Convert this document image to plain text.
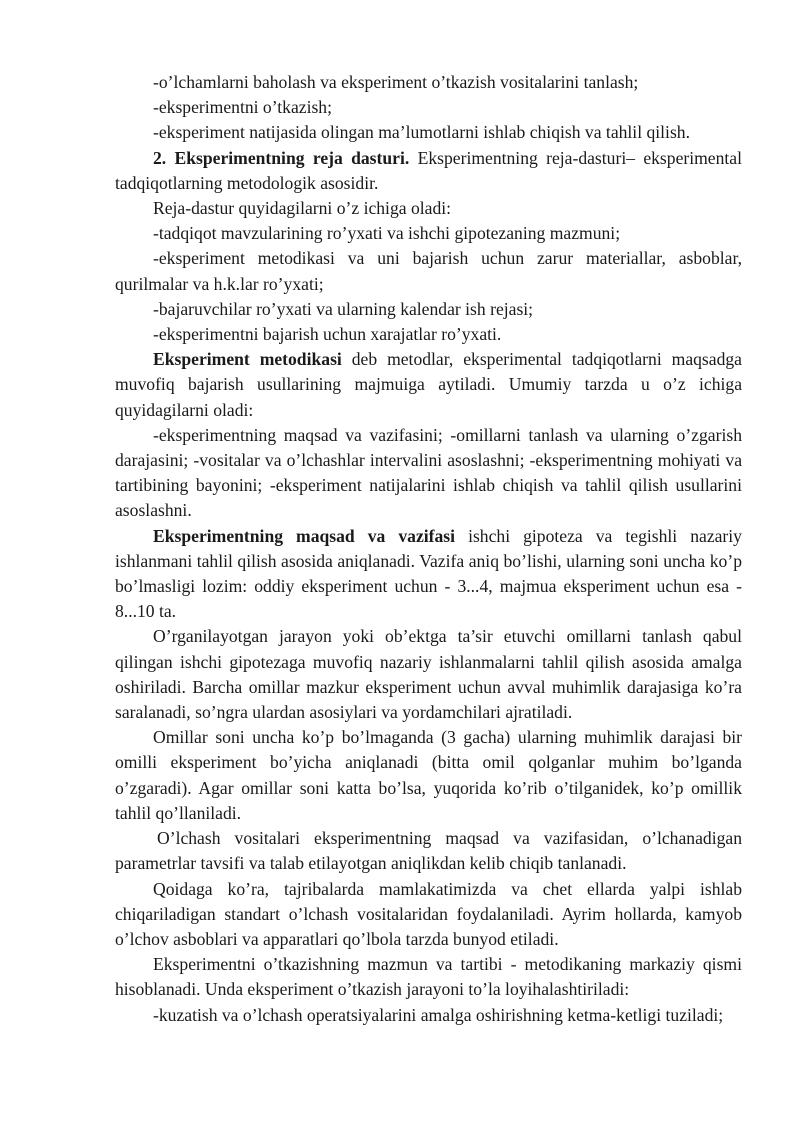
-o’lchamlarni baholash va eksperiment o’tkazish vositalarini tanlash;

-eksperimentni o’tkazish;

-eksperiment natijasida olingan ma’lumotlarni ishlab chiqish va tahlil qilish.

2. Eksperimentning reja dasturi. Eksperimentning reja-dasturi– eksperimental tadqiqotlarning metodologik asosidir.

Reja-dastur quyidagilarni o’z ichiga oladi:

-tadqiqot mavzularining ro’yxati va ishchi gipotezaning mazmuni;

-eksperiment metodikasi va uni bajarish uchun zarur materiallar, asboblar, qurilmalar va h.k.lar ro’yxati;

-bajaruvchilar ro’yxati va ularning kalendar ish rejasi;

-eksperimentni bajarish uchun xarajatlar ro’yxati.

Eksperiment metodikasi deb metodlar, eksperimental tadqiqotlarni maqsadga muvofiq bajarish usullarining majmuiga aytiladi. Umumiy tarzda u o’z ichiga quyidagilarni oladi:

-eksperimentning maqsad va vazifasini; -omillarni tanlash va ularning o’zgarish darajasini; -vositalar va o’lchashlar intervalini asoslashni; -eksperimentning mohiyati va tartibining bayonini; -eksperiment natijalarini ishlab chiqish va tahlil qilish usullarini asoslashni.

Eksperimentning maqsad va vazifasi ishchi gipoteza va tegishli nazariy ishlanmani tahlil qilish asosida aniqlanadi. Vazifa aniq bo’lishi, ularning soni uncha ko’p bo’lmasligi lozim: oddiy eksperiment uchun - 3...4, majmua eksperiment uchun esa - 8...10 ta.

O’rganilayotgan jarayon yoki ob’ektga ta’sir etuvchi omillarni tanlash qabul qilingan ishchi gipotezaga muvofiq nazariy ishlanmalarni tahlil qilish asosida amalga oshiriladi. Barcha omillar mazkur eksperiment uchun avval muhimlik darajasiga ko’ra saralanadi, so’ngra ulardan asosiylari va yordamchilari ajratiladi.

Omillar soni uncha ko’p bo’lmaganda (3 gacha) ularning muhimlik darajasi bir omilli eksperiment bo’yicha aniqlanadi (bitta omil qolganlar muhim bo’lganda o’zgaradi). Agar omillar soni katta bo’lsa, yuqorida ko’rib o’tilganidek, ko’p omillik tahlil qo’llaniladi.

O’lchash vositalari eksperimentning maqsad va vazifasidan, o’lchanadigan parametrlar tavsifi va talab etilayotgan aniqlikdan kelib chiqib tanlanadi.

Qoidaga ko’ra, tajribalarda mamlakatimizda va chet ellarda yalpi ishlab chiqariladigan standart o’lchash vositalaridan foydalaniladi. Ayrim hollarda, kamyob o’lchov asboblari va apparatlari qo’lbola tarzda bunyod etiladi.

Eksperimentni o’tkazishning mazmun va tartibi - metodikaning markaziy qismi hisoblanadi. Unda eksperiment o’tkazish jarayoni to’la loyihalashtiriladi:

-kuzatish va o’lchash operatsiyalarini amalga oshirishning ketma-ketligi tuziladi;
